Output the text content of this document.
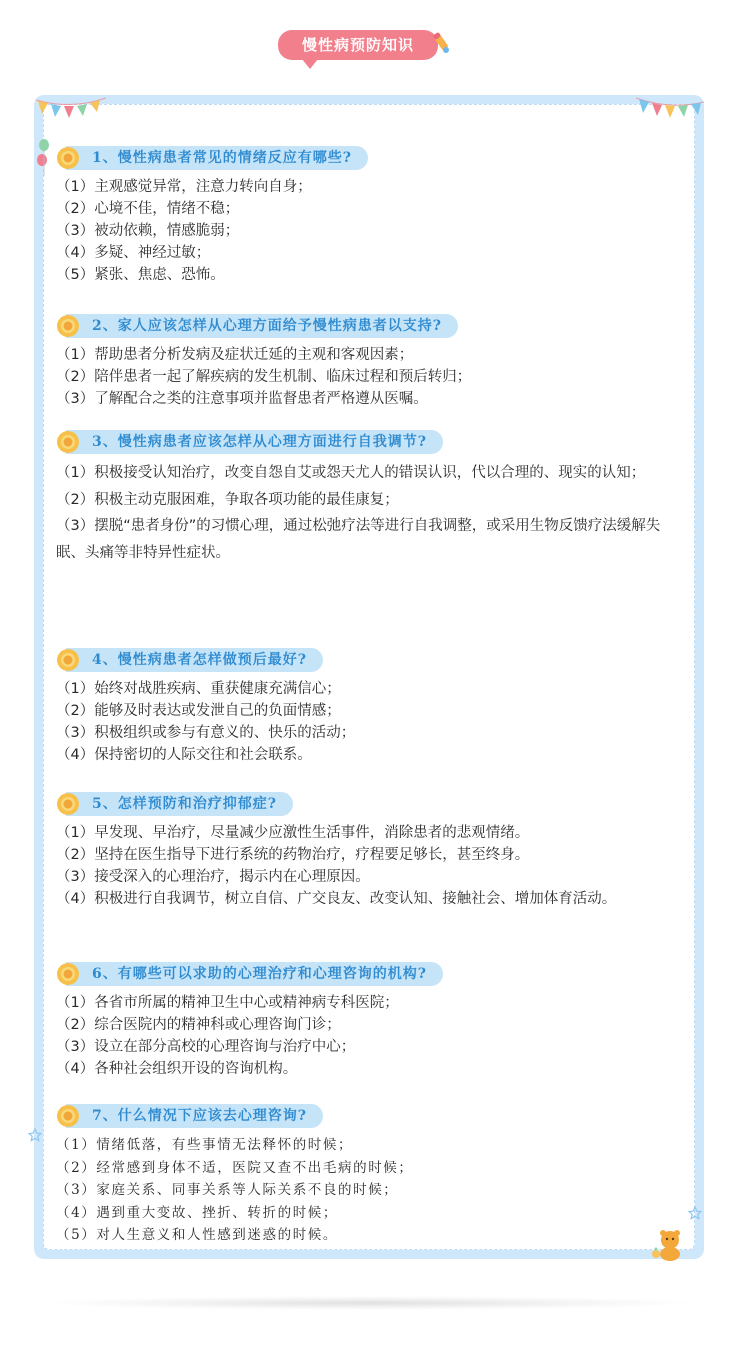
慢性病预防知识
1、慢性病患者常见的情绪反应有哪些?
（1）主观感觉异常，注意力转向自身；
（2）心境不佳，情绪不稳；
（3）被动依赖，情感脆弱；
（4）多疑、神经过敏；
（5）紧张、焦虑、恐怖。
2、家人应该怎样从心理方面给予慢性病患者以支持?
（1）帮助患者分析发病及症状迁延的主观和客观因素；
（2）陪伴患者一起了解疾病的发生机制、临床过程和预后转归；
（3）了解配合之类的注意事项并监督患者严格遵从医嘱。
3、慢性病患者应该怎样从心理方面进行自我调节?
（1）积极接受认知治疗，改变自怨自艾或怨天尤人的错误认识，代以合理的、现实的认知；
（2）积极主动克服困难，争取各项功能的最佳康复；
（3）摆脱“患者身份”的习惯心理，通过松弛疗法等进行自我调整，或采用生物反馈疗法缓解失眠、头痛等非特异性症状。
4、慢性病患者怎样做预后最好?
（1）始终对战胜疾病、重获健康充满信心；
（2）能够及时表达或发泄自己的负面情感；
（3）积极组织或参与有意义的、快乐的活动；
（4）保持密切的人际交往和社会联系。
5、怎样预防和治疗抑郁症?
（1）早发现、早治疗，尽量减少应激性生活事件，消除患者的悲观情绪。
（2）坚持在医生指导下进行系统的药物治疗，疗程要足够长，甚至终身。
（3）接受深入的心理治疗，揭示内在心理原因。
（4）积极进行自我调节，树立自信、广交良友、改变认知、接触社会、增加体育活动。
6、有哪些可以求助的心理治疗和心理咨询的机构?
（1）各省市所属的精神卫生中心或精神病专科医院；
（2）综合医院内的精神科或心理咨询门诊；
（3）设立在部分高校的心理咨询与治疗中心；
（4）各种社会组织开设的咨询机构。
7、什么情况下应该去心理咨询?
（1）情绪低落，有些事情无法释怀的时候；
（2）经常感到身体不适，医院又查不出毛病的时候；
（3）家庭关系、同事关系等人际关系不良的时候；
（4）遇到重大变故、挫折、转折的时候；
（5）对人生意义和人性感到迷惑的时候。
